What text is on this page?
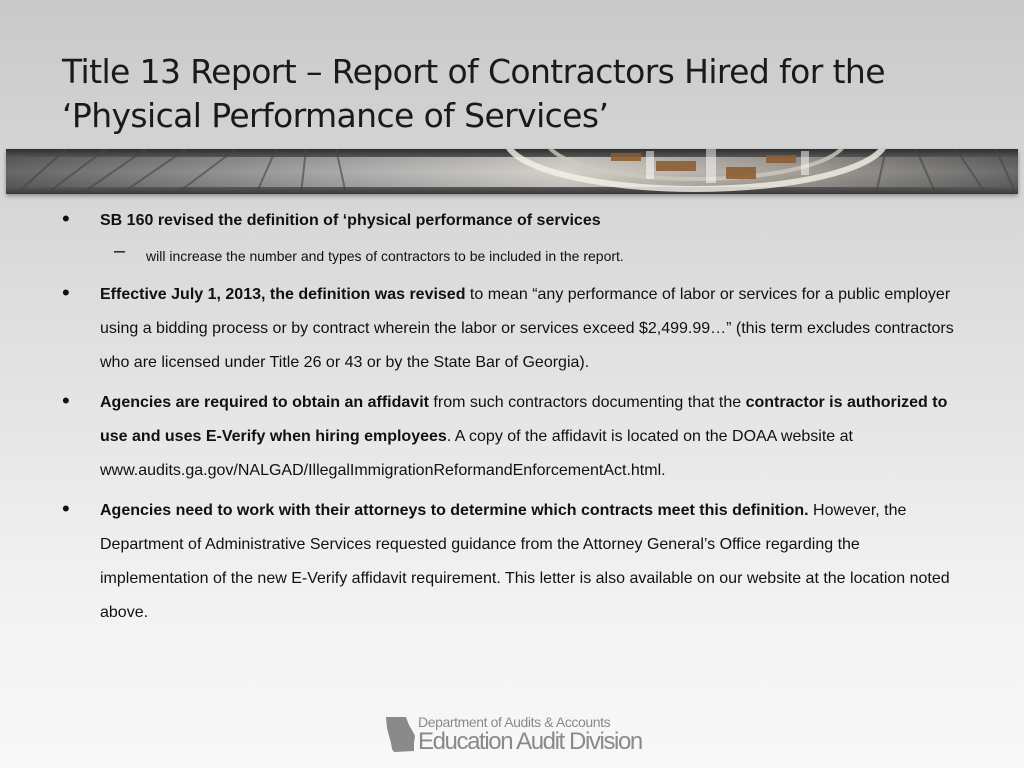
Title 13 Report – Report of Contractors Hired for the ‘Physical Performance of Services’
• SB 160 revised the definition of ‘physical performance of services
– will increase the number and types of contractors to be included in the report.
• Effective July 1, 2013, the definition was revised to mean “any performance of labor or services for a public employer using a bidding process or by contract wherein the labor or services exceed $2,499.99…” (this term excludes contractors who are licensed under Title 26 or 43 or by the State Bar of Georgia).
• Agencies are required to obtain an affidavit from such contractors documenting that the contractor is authorized to use and uses E-Verify when hiring employees. A copy of the affidavit is located on the DOAA website at www.audits.ga.gov/NALGAD/IllegalImmigrationReformandEnforcementAct.html.
• Agencies need to work with their attorneys to determine which contracts meet this definition. However, the Department of Administrative Services requested guidance from the Attorney General’s Office regarding the implementation of the new E-Verify affidavit requirement. This letter is also available on our website at the location noted above.
Department of Audits & Accounts
Education Audit Division
